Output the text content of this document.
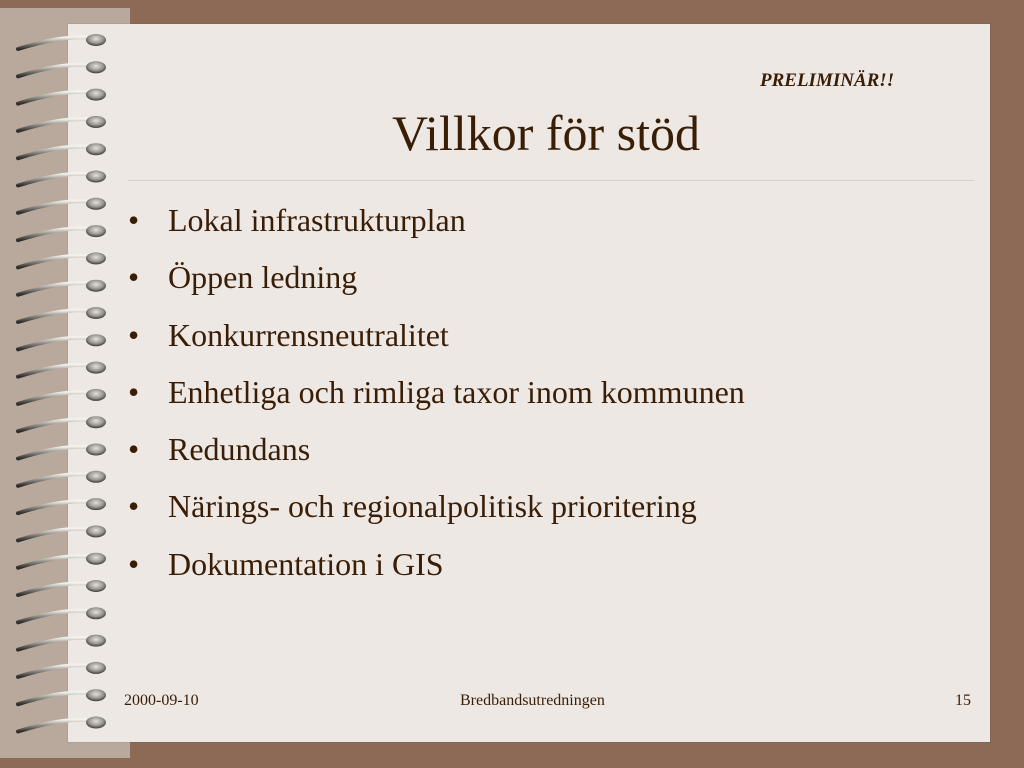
PRELIMINÄR!!
Villkor för stöd
• Lokal infrastrukturplan
• Öppen ledning
• Konkurrensneutralitet
• Enhetliga och rimliga taxor inom kommunen
• Redundans
• Närings- och regionalpolitisk prioritering
• Dokumentation i GIS
2000-09-10	Bredbandsutredningen	15
